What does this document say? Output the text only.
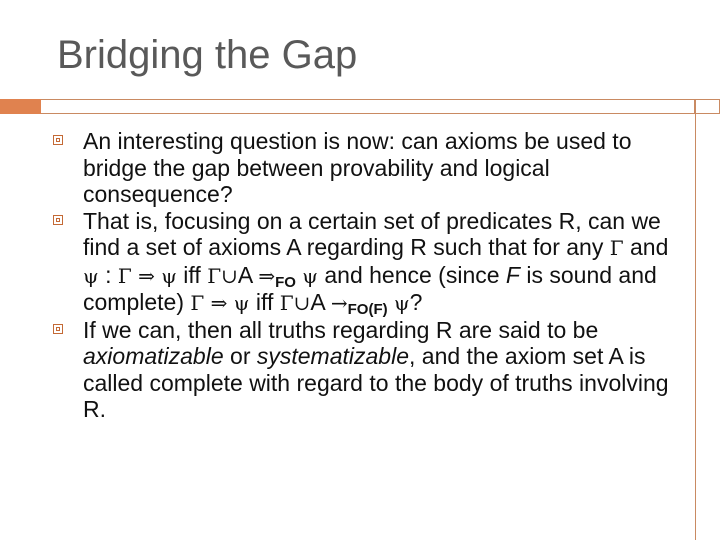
Bridging the Gap
An interesting question is now: can axioms be used to bridge the gap between provability and logical consequence?
That is, focusing on a certain set of predicates R, can we find a set of axioms A regarding R such that for any Γ and ψ : Γ ⇒ ψ iff Γ∪A $\Rightarrow_{FO}$ ψ and hence (since F is sound and complete) Γ ⇒ ψ iff Γ∪A $\to_{FO(F)}$ ψ?
If we can, then all truths regarding R are said to be axiomatizable or systematizable, and the axiom set A is called complete with regard to the body of truths involving R.
